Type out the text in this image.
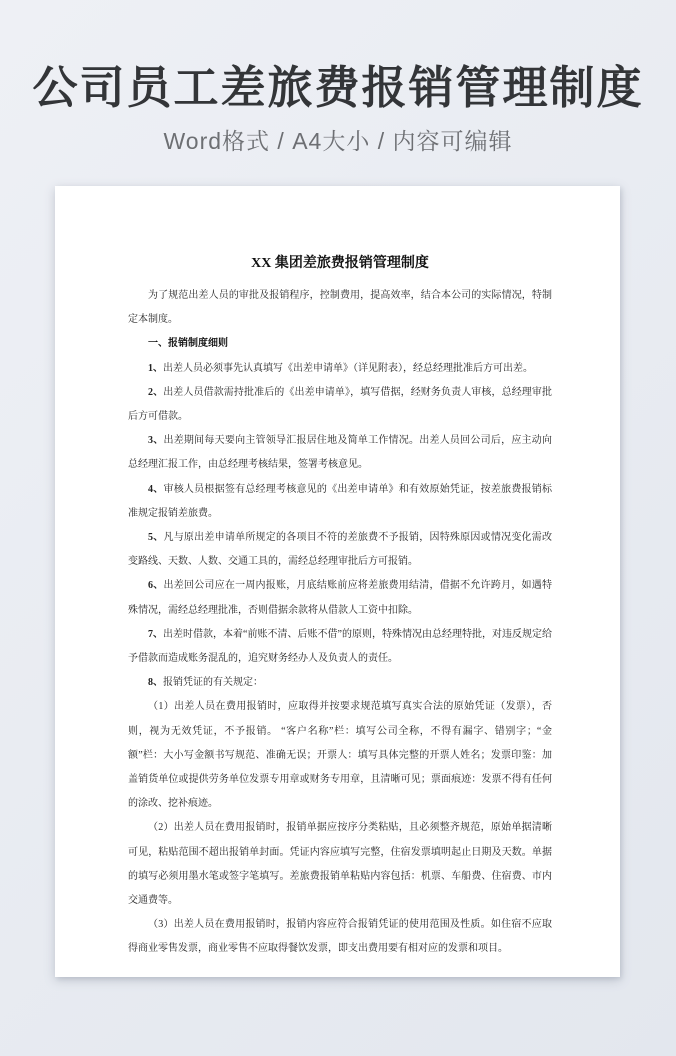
公司员工差旅费报销管理制度
Word格式 / A4大小 / 内容可编辑
XX 集团差旅费报销管理制度

为了规范出差人员的审批及报销程序，控制费用，提高效率，结合本公司的实际情况，特制定本制度。

一、报销制度细则

1、出差人员必须事先认真填写《出差申请单》（详见附表），经总经理批准后方可出差。

2、出差人员借款需持批准后的《出差申请单》，填写借据，经财务负责人审核，总经理审批后方可借款。

3、出差期间每天要向主管领导汇报居住地及简单工作情况。出差人员回公司后，应主动向总经理汇报工作，由总经理考核结果，签署考核意见。

4、审核人员根据签有总经理考核意见的《出差申请单》和有效原始凭证，按差旅费报销标准规定报销差旅费。

5、凡与原出差申请单所规定的各项目不符的差旅费不予报销，因特殊原因或情况变化需改变路线、天数、人数、交通工具的，需经总经理审批后方可报销。

6、出差回公司应在一周内报账，月底结账前应将差旅费用结清，借据不允许跨月，如遇特殊情况，需经总经理批准，否则借据余款将从借款人工资中扣除。

7、出差时借款，本着“前账不清、后账不借”的原则，特殊情况由总经理特批，对违反规定给予借款而造成账务混乱的，追究财务经办人及负责人的责任。

8、报销凭证的有关规定：

（1）出差人员在费用报销时，应取得并按要求规范填写真实合法的原始凭证（发票），否则，视为无效凭证，不予报销。 “客户名称”栏：填写公司全称，不得有漏字、错别字；“金额”栏：大小写金额书写规范、准确无误；开票人：填写具体完整的开票人姓名；发票印鉴：加盖销货单位或提供劳务单位发票专用章或财务专用章，且清晰可见；票面痕迹：发票不得有任何的涂改、挖补痕迹。

（2）出差人员在费用报销时，报销单据应按序分类粘贴，且必须整齐规范，原始单据清晰可见，粘贴范围不超出报销单封面。凭证内容应填写完整，住宿发票填明起止日期及天数。单据的填写必须用墨水笔或签字笔填写。差旅费报销单粘贴内容包括：机票、车船费、住宿费、市内交通费等。

（3）出差人员在费用报销时，报销内容应符合报销凭证的使用范围及性质。如住宿不应取得商业零售发票，商业零售不应取得餐饮发票，即支出费用要有相对应的发票和项目。
